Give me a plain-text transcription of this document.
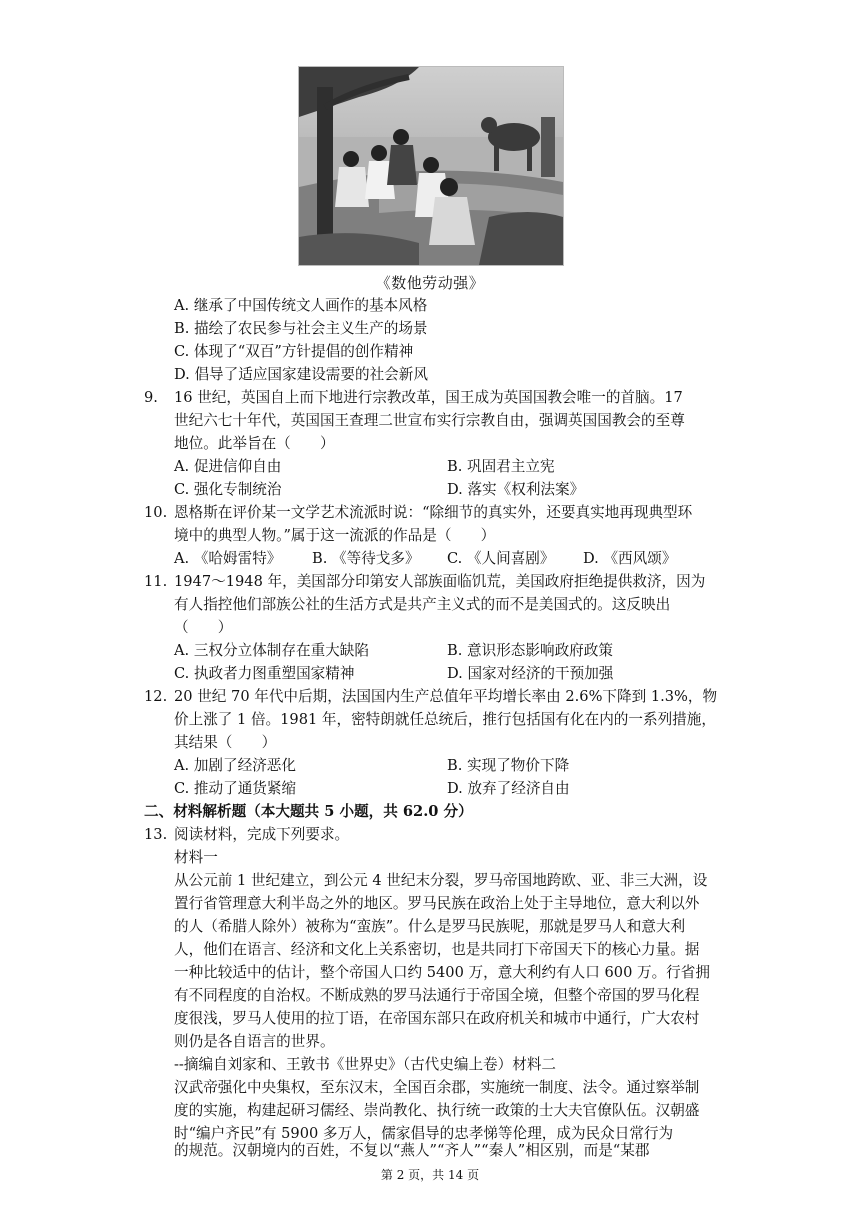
《数他劳动强》
A. 继承了中国传统文人画作的基本风格
B. 描绘了农民参与社会主义生产的场景
C. 体现了“双百”方针提倡的创作精神
D. 倡导了适应国家建设需要的社会新风
9. 16 世纪，英国自上而下地进行宗教改革，国王成为英国国教会唯一的首脑。17
世纪六七十年代，英国国王查理二世宣布实行宗教自由，强调英国国教会的至尊
地位。此举旨在（　　）
A. 促进信仰自由	B. 巩固君主立宪
C. 强化专制统治	D. 落实《权利法案》
10. 恩格斯在评价某一文学艺术流派时说：“除细节的真实外，还要真实地再现典型环
境中的典型人物。”属于这一流派的作品是（　　）
A. 《哈姆雷特》 B. 《等待戈多》 C. 《人间喜剧》 D. 《西风颂》
11. 1947～1948 年，美国部分印第安人部族面临饥荒，美国政府拒绝提供救济，因为
有人指控他们部族公社的生活方式是共产主义式的而不是美国式的。这反映出
（　　）
A. 三权分立体制存在重大缺陷	B. 意识形态影响政府政策
C. 执政者力图重塑国家精神	D. 国家对经济的干预加强
12. 20 世纪 70 年代中后期，法国国内生产总值年平均增长率由 2.6%下降到 1.3%，物
价上涨了 1 倍。1981 年，密特朗就任总统后，推行包括国有化在内的一系列措施，
其结果（　　）
A. 加剧了经济恶化	B. 实现了物价下降
C. 推动了通货紧缩	D. 放弃了经济自由
二、材料解析题（本大题共 5 小题，共 62.0 分）
13. 阅读材料，完成下列要求。
材料一
从公元前 1 世纪建立，到公元 4 世纪末分裂，罗马帝国地跨欧、亚、非三大洲，设
置行省管理意大利半岛之外的地区。罗马民族在政治上处于主导地位，意大利以外
的人（希腊人除外）被称为“蛮族”。什么是罗马民族呢，那就是罗马人和意大利
人，他们在语言、经济和文化上关系密切，也是共同打下帝国天下的核心力量。据
一种比较适中的估计，整个帝国人口约 5400 万，意大利约有人口 600 万。行省拥
有不同程度的自治权。不断成熟的罗马法通行于帝国全境，但整个帝国的罗马化程
度很浅，罗马人使用的拉丁语，在帝国东部只在政府机关和城市中通行，广大农村
则仍是各自语言的世界。
--摘编自刘家和、王敦书《世界史》（古代史编上卷）材料二
汉武帝强化中央集权，至东汉末，全国百余郡，实施统一制度、法令。通过察举制
度的实施，构建起研习儒经、崇尚教化、执行统一政策的士大夫官僚队伍。汉朝盛
时“编户齐民”有 5900 多万人，儒家倡导的忠孝悌等伦理，成为民众日常行为
第 2 页，共 14 页
的规范。汉朝境内的百姓，不复以“燕人”“齐人”“秦人”相区别，而是“某郡
